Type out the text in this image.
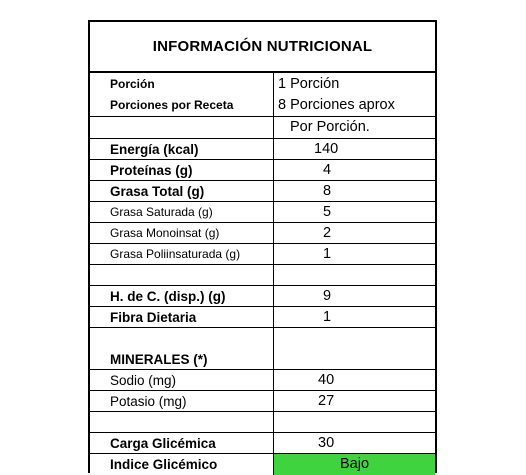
INFORMACIÓN NUTRICIONAL
Porción	1 Porción
Porciones por Receta	8 Porciones aprox
Por Porción.
Energía (kcal)	140
Proteínas (g)	4
Grasa Total (g)	8
Grasa Saturada (g)	5
Grasa Monoinsat (g)	2
Grasa Poliinsaturada (g)	1
H. de C. (disp.) (g)	9
Fibra Dietaria	1
MINERALES (*)
Sodio (mg)	40
Potasio (mg)	27
Carga Glicémica	30
Indice Glicémico	Bajo
